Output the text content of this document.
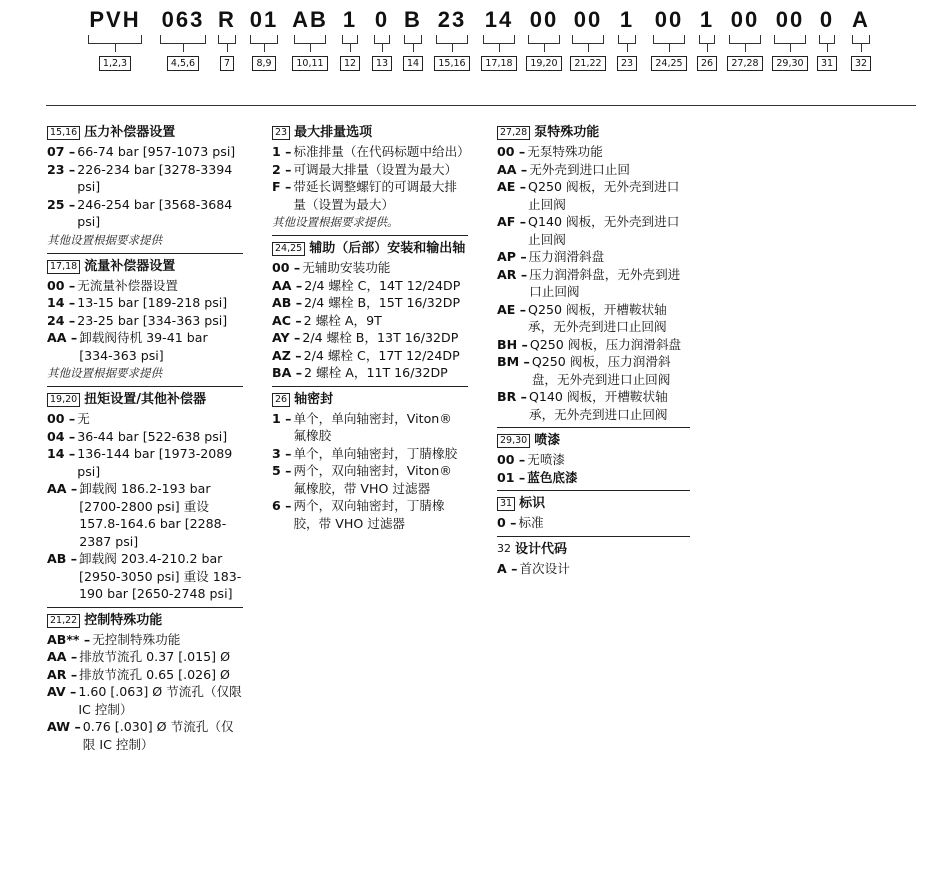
PVH
1,2,3
063
4,5,6
R
7
01
8,9
AB
10,11
1
12
0
13
B
14
23
15,16
14
17,18
00
19,20
00
21,22
1
23
00
24,25
1
26
00
27,28
00
29,30
0
31
A
32
15,16 压力补偿器设置
07 – 66-74 bar [957-1073 psi]
23 – 226-234 bar [3278-3394 psi]
25 – 246-254 bar [3568-3684 psi]
其他设置根据要求提供
17,18 流量补偿器设置
00 – 无流量补偿器设置
14 – 13-15 bar [189-218 psi]
24 – 23-25 bar [334-363 psi]
AA – 卸载阀待机 39-41 bar [334-363 psi]
其他设置根据要求提供
19,20 扭矩设置/其他补偿器
00 – 无
04 – 36-44 bar [522-638 psi]
14 – 136-144 bar [1973-2089 psi]
AA – 卸载阀 186.2-193 bar [2700-2800 psi] 重设 157.8-164.6 bar [2288-2387 psi]
AB – 卸载阀 203.4-210.2 bar [2950-3050 psi] 重设 183-190 bar [2650-2748 psi]
21,22 控制特殊功能
AB** – 无控制特殊功能
AA – 排放节流孔 0.37 [.015] Ø
AR – 排放节流孔 0.65 [.026] Ø
AV – 1.60 [.063] Ø 节流孔（仅限 IC 控制）
AW – 0.76 [.030] Ø 节流孔（仅限 IC 控制）
23 最大排量选项
1 – 标准排量（在代码标题中给出）
2 – 可调最大排量（设置为最大）
F – 带延长调整螺钉的可调最大排量（设置为最大）
其他设置根据要求提供。
24,25 辅助（后部）安装和输出轴
00 – 无辅助安装功能
AA – 2/4 螺栓 C，14T 12/24DP
AB – 2/4 螺栓 B，15T 16/32DP
AC – 2 螺栓 A，9T
AY – 2/4 螺栓 B，13T 16/32DP
AZ – 2/4 螺栓 C，17T 12/24DP
BA – 2 螺栓 A，11T 16/32DP
26 轴密封
1 – 单个，单向轴密封，Viton® 氟橡胶
3 – 单个，单向轴密封，丁腈橡胶
5 – 两个，双向轴密封，Viton® 氟橡胶，带 VHO 过滤器
6 – 两个，双向轴密封，丁腈橡胶，带 VHO 过滤器
27,28 泵特殊功能
00 – 无泵特殊功能
AA – 无外壳到进口止回
AE – Q250 阀板，无外壳到进口止回阀
AF – Q140 阀板，无外壳到进口止回阀
AP – 压力润滑斜盘
AR – 压力润滑斜盘，无外壳到进口止回阀
AE – Q250 阀板，开槽鞍状轴承，无外壳到进口止回阀
BH – Q250 阀板，压力润滑斜盘
BM – Q250 阀板，压力润滑斜盘，无外壳到进口止回阀
BR – Q140 阀板，开槽鞍状轴承，无外壳到进口止回阀
29,30 喷漆
00 – 无喷漆
01 – 蓝色底漆
31 标识
0 – 标准
32 设计代码
A – 首次设计
